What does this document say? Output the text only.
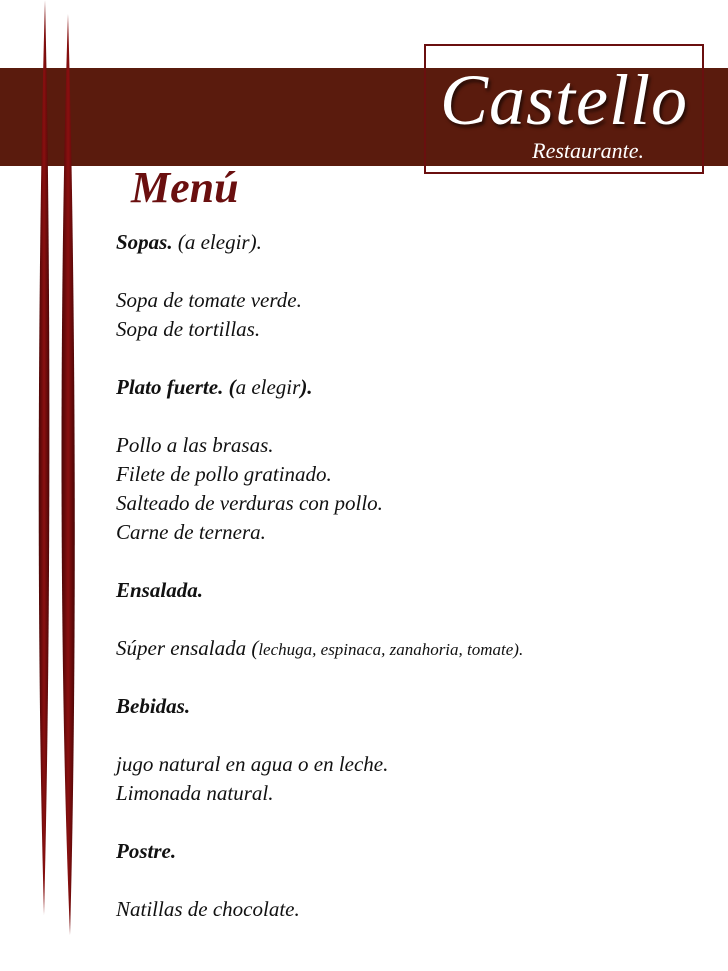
Castello
Restaurante.
Menú
Sopas. (a elegir).
Sopa de tomate verde.
Sopa de tortillas.
Plato fuerte. (a elegir).
Pollo a las brasas.
Filete de pollo gratinado.
Salteado de verduras con pollo.
Carne de ternera.
Ensalada.
Súper ensalada (lechuga, espinaca, zanahoria, tomate).
Bebidas.
jugo natural en agua o en leche.
Limonada natural.
Postre.
Natillas de chocolate.
